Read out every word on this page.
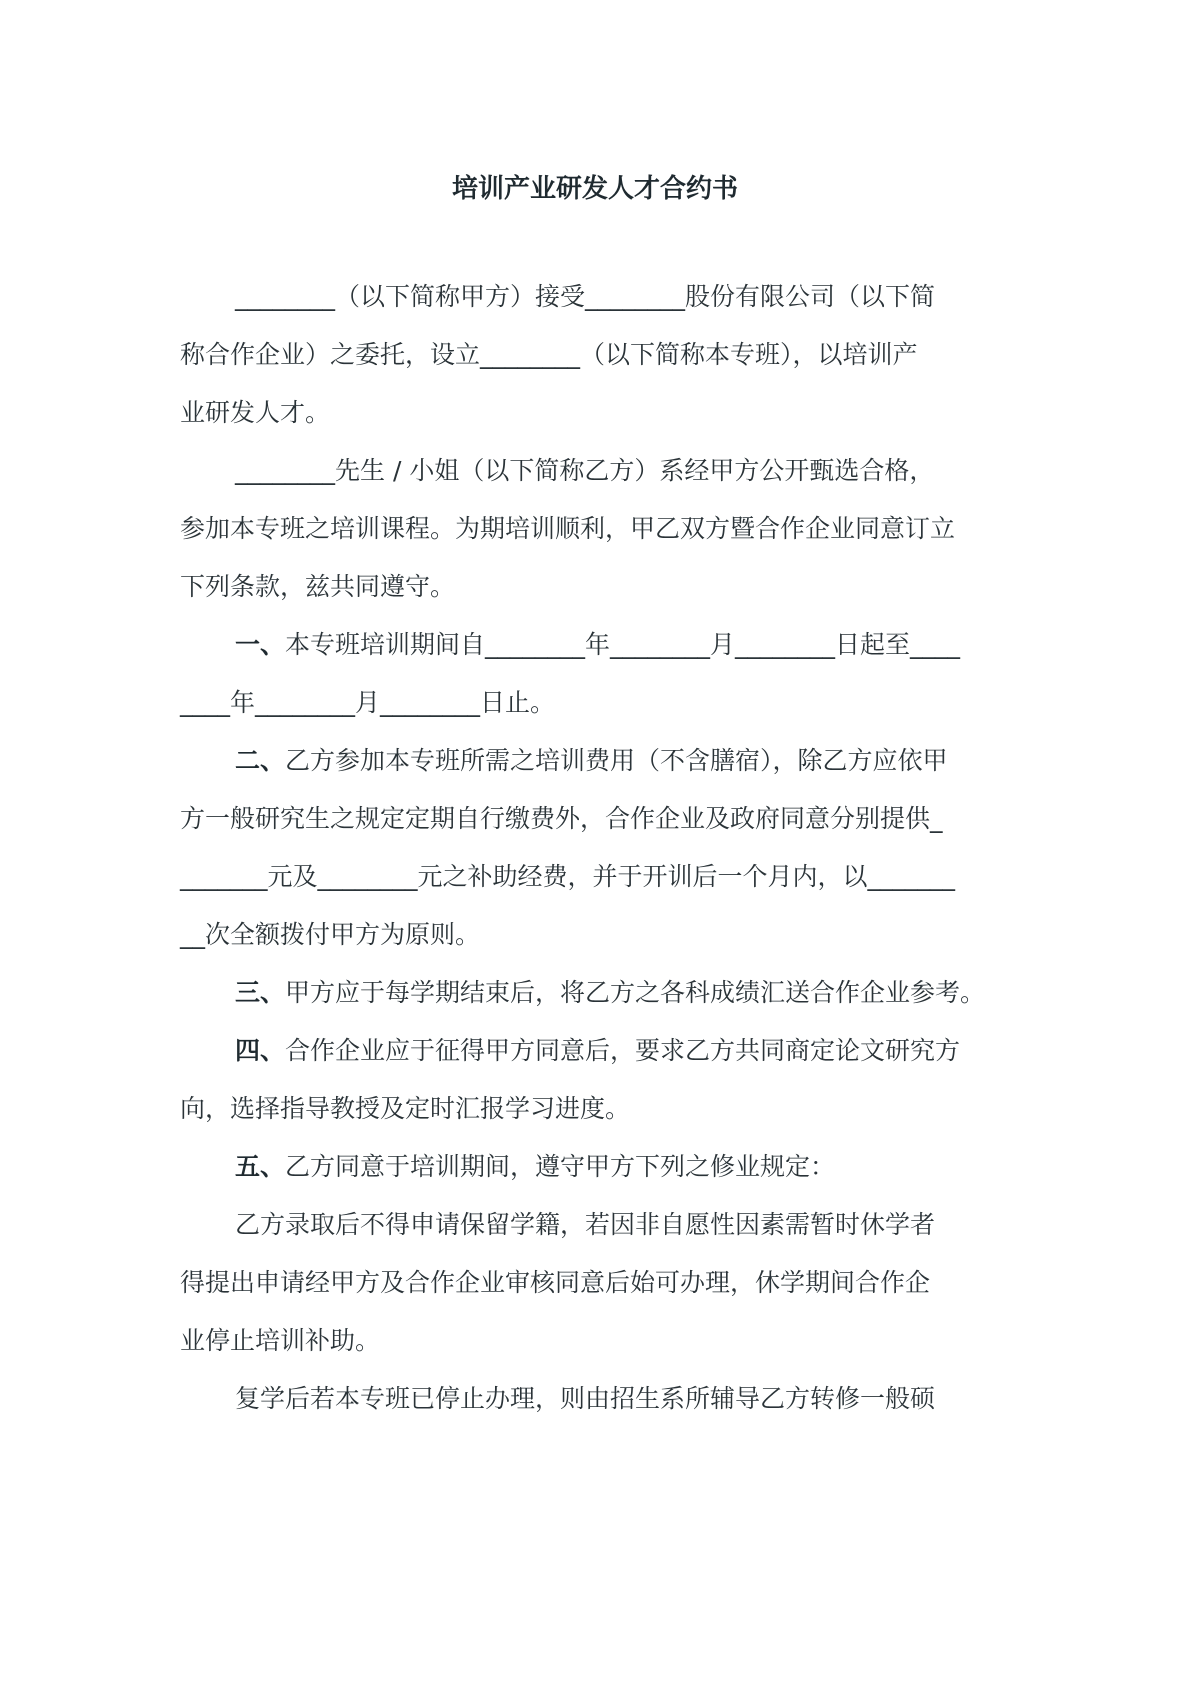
培训产业研发人才合约书
________（以下简称甲方）接受________股份有限公司（以下简
称合作企业）之委托，设立________（以下简称本专班），以培训产
业研发人才。
________先生 / 小姐（以下简称乙方）系经甲方公开甄选合格，
参加本专班之培训课程。为期培训顺利，甲乙双方暨合作企业同意订立
下列条款，兹共同遵守。
一、本专班培训期间自________年________月________日起至____
____年________月________日止。
二、乙方参加本专班所需之培训费用（不含膳宿），除乙方应依甲
方一般研究生之规定定期自行缴费外，合作企业及政府同意分别提供_
_______元及________元之补助经费，并于开训后一个月内，以_______
__次全额拨付甲方为原则。
三、甲方应于每学期结束后，将乙方之各科成绩汇送合作企业参考。
四、合作企业应于征得甲方同意后，要求乙方共同商定论文研究方
向，选择指导教授及定时汇报学习进度。
五、乙方同意于培训期间，遵守甲方下列之修业规定：
乙方录取后不得申请保留学籍，若因非自愿性因素需暂时休学者
得提出申请经甲方及合作企业审核同意后始可办理，休学期间合作企
业停止培训补助。
复学后若本专班已停止办理，则由招生系所辅导乙方转修一般硕
